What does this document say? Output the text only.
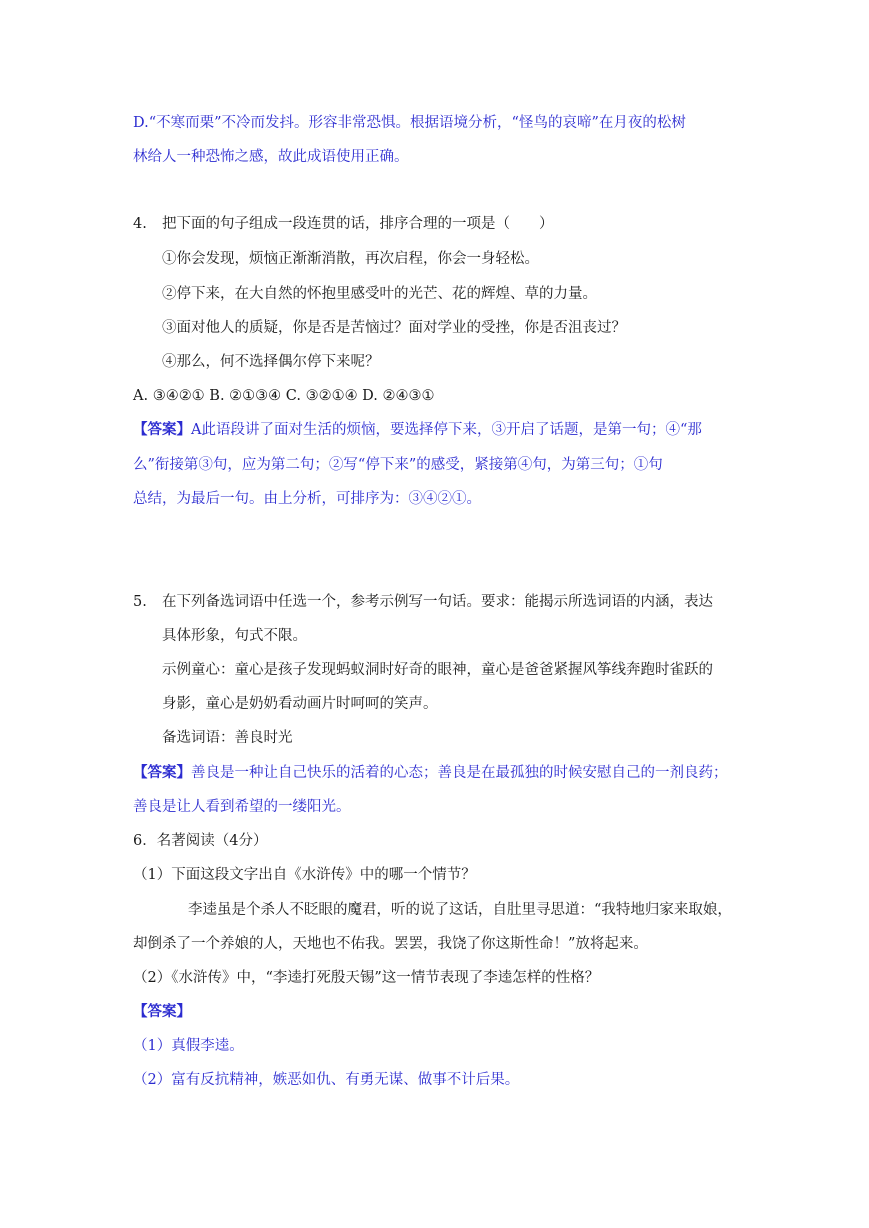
D.“不寒而栗”不冷而发抖。形容非常恐惧。根据语境分析，“怪鸟的哀啼”在月夜的松树
林给人一种恐怖之感，故此成语使用正确。
4. 把下面的句子组成一段连贯的话，排序合理的一项是（　　）
①你会发现，烦恼正渐渐消散，再次启程，你会一身轻松。
②停下来，在大自然的怀抱里感受叶的光芒、花的辉煌、草的力量。
③面对他人的质疑，你是否是苦恼过？面对学业的受挫，你是否沮丧过？
④那么，何不选择偶尔停下来呢？
A. ③④②① B. ②①③④ C. ③②①④ D. ②④③①
【答案】A此语段讲了面对生活的烦恼，要选择停下来，③开启了话题，是第一句；④“那
么”衔接第③句，应为第二句；②写“停下来”的感受，紧接第④句，为第三句；①句
总结，为最后一句。由上分析，可排序为：③④②①。
5. 在下列备选词语中任选一个，参考示例写一句话。要求：能揭示所选词语的内涵，表达
具体形象，句式不限。
示例童心：童心是孩子发现蚂蚁洞时好奇的眼神，童心是爸爸紧握风筝线奔跑时雀跃的
身影，童心是奶奶看动画片时呵呵的笑声。
备选词语：善良时光
【答案】善良是一种让自己快乐的活着的心态；善良是在最孤独的时候安慰自己的一剂良药；
善良是让人看到希望的一缕阳光。
6．名著阅读（4分）
（1）下面这段文字出自《水浒传》中的哪一个情节？
李逵虽是个杀人不眨眼的魔君，听的说了这话，自肚里寻思道：“我特地归家来取娘，
却倒杀了一个养娘的人，天地也不佑我。罢罢，我饶了你这斯性命！”放将起来。
（2）《水浒传》中，“李逵打死殷天锡”这一情节表现了李逵怎样的性格？
【答案】
（1）真假李逵。
（2）富有反抗精神，嫉恶如仇、有勇无谋、做事不计后果。
